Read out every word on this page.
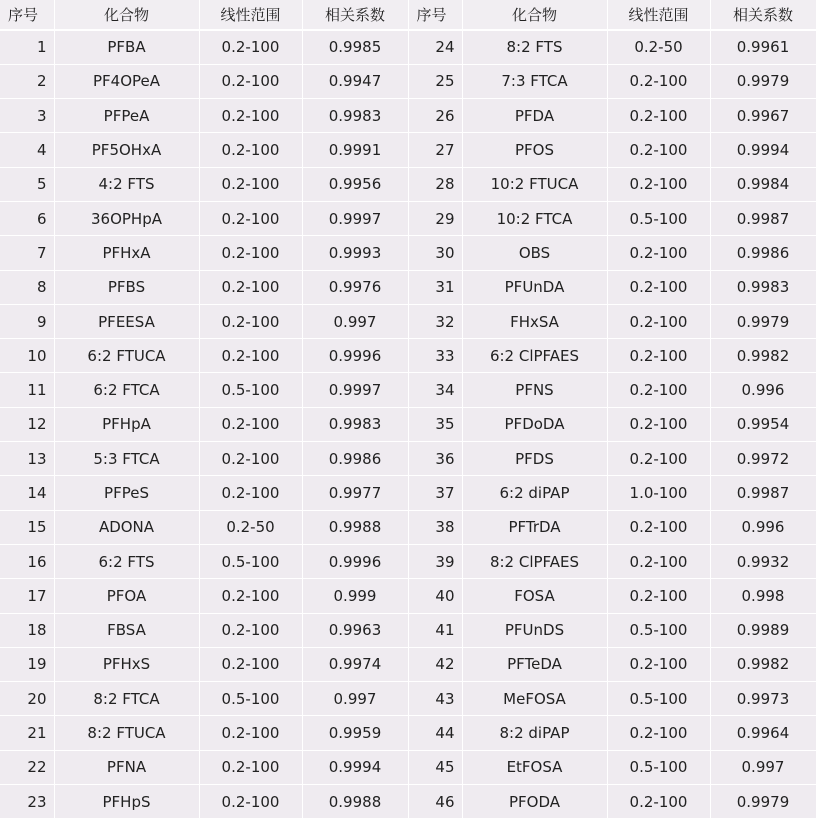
序号	化合物	线性范围	相关系数	序号	化合物	线性范围	相关系数
1	PFBA	0.2-100	0.9985	24	8:2 FTS	0.2-50	0.9961
2	PF4OPeA	0.2-100	0.9947	25	7:3 FTCA	0.2-100	0.9979
3	PFPeA	0.2-100	0.9983	26	PFDA	0.2-100	0.9967
4	PF5OHxA	0.2-100	0.9991	27	PFOS	0.2-100	0.9994
5	4:2 FTS	0.2-100	0.9956	28	10:2 FTUCA	0.2-100	0.9984
6	36OPHpA	0.2-100	0.9997	29	10:2 FTCA	0.5-100	0.9987
7	PFHxA	0.2-100	0.9993	30	OBS	0.2-100	0.9986
8	PFBS	0.2-100	0.9976	31	PFUnDA	0.2-100	0.9983
9	PFEESA	0.2-100	0.997	32	FHxSA	0.2-100	0.9979
10	6:2 FTUCA	0.2-100	0.9996	33	6:2 ClPFAES	0.2-100	0.9982
11	6:2 FTCA	0.5-100	0.9997	34	PFNS	0.2-100	0.996
12	PFHpA	0.2-100	0.9983	35	PFDoDA	0.2-100	0.9954
13	5:3 FTCA	0.2-100	0.9986	36	PFDS	0.2-100	0.9972
14	PFPeS	0.2-100	0.9977	37	6:2 diPAP	1.0-100	0.9987
15	ADONA	0.2-50	0.9988	38	PFTrDA	0.2-100	0.996
16	6:2 FTS	0.5-100	0.9996	39	8:2 ClPFAES	0.2-100	0.9932
17	PFOA	0.2-100	0.999	40	FOSA	0.2-100	0.998
18	FBSA	0.2-100	0.9963	41	PFUnDS	0.5-100	0.9989
19	PFHxS	0.2-100	0.9974	42	PFTeDA	0.2-100	0.9982
20	8:2 FTCA	0.5-100	0.997	43	MeFOSA	0.5-100	0.9973
21	8:2 FTUCA	0.2-100	0.9959	44	8:2 diPAP	0.2-100	0.9964
22	PFNA	0.2-100	0.9994	45	EtFOSA	0.5-100	0.997
23	PFHpS	0.2-100	0.9988	46	PFODA	0.2-100	0.9979
